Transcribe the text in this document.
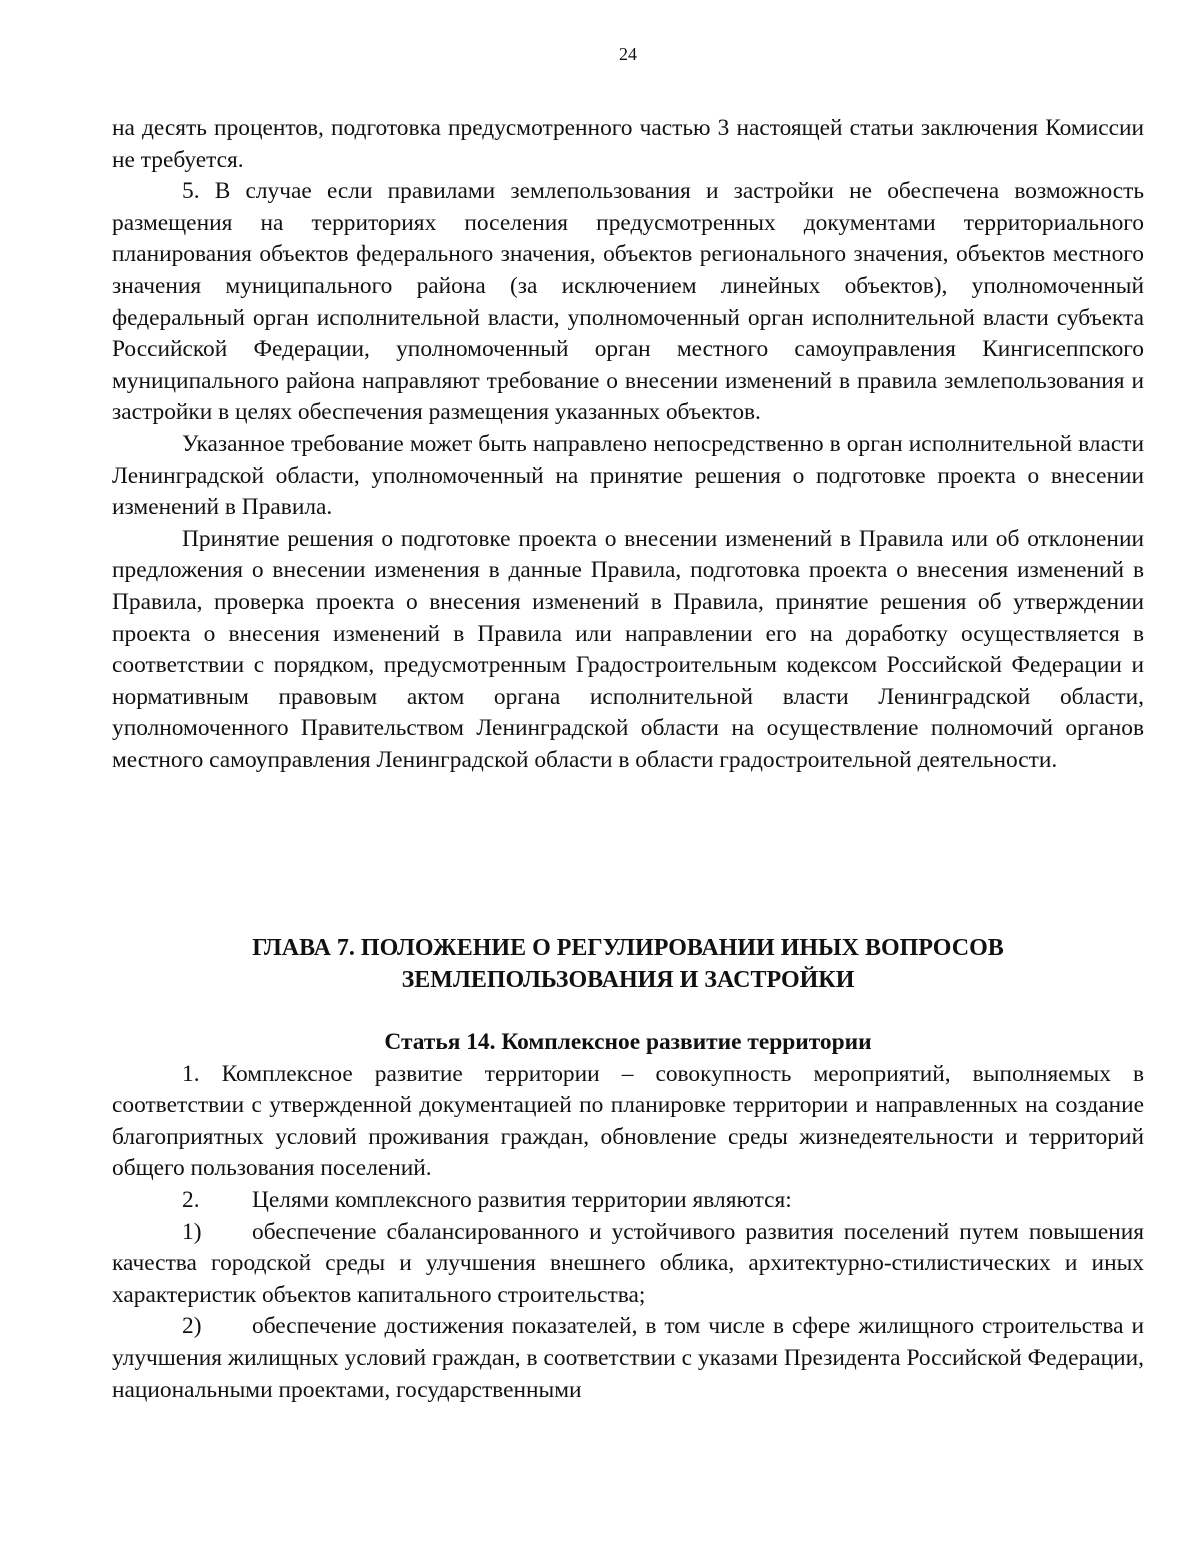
24

на десять процентов, подготовка предусмотренного частью 3 настоящей статьи заключения Комиссии не требуется.

5. В случае если правилами землепользования и застройки не обеспечена возможность размещения на территориях поселения предусмотренных документами территориального планирования объектов федерального значения, объектов регионального значения, объектов местного значения муниципального района (за исключением линейных объектов), уполномоченный федеральный орган исполнительной власти, уполномоченный орган исполнительной власти субъекта Российской Федерации, уполномоченный орган местного самоуправления Кингисеппского муниципального района направляют требование о внесении изменений в правила землепользования и застройки в целях обеспечения размещения указанных объектов.

Указанное требование может быть направлено непосредственно в орган исполнительной власти Ленинградской области, уполномоченный на принятие решения о подготовке проекта о внесении изменений в Правила.

Принятие решения о подготовке проекта о внесении изменений в Правила или об отклонении предложения о внесении изменения в данные Правила, подготовка проекта о внесения изменений в Правила, проверка проекта о внесения изменений в Правила, принятие решения об утверждении проекта о внесения изменений в Правила или направлении его на доработку осуществляется в соответствии с порядком, предусмотренным Градостроительным кодексом Российской Федерации и нормативным правовым актом органа исполнительной власти Ленинградской области, уполномоченного Правительством Ленинградской области на осуществление полномочий органов местного самоуправления Ленинградской области в области градостроительной деятельности.

ГЛАВА 7. ПОЛОЖЕНИЕ О РЕГУЛИРОВАНИИ ИНЫХ ВОПРОСОВ
ЗЕМЛЕПОЛЬЗОВАНИЯ И ЗАСТРОЙКИ

Статья 14. Комплексное развитие территории

1. Комплексное развитие территории – совокупность мероприятий, выполняемых в соответствии с утвержденной документацией по планировке территории и направленных на создание благоприятных условий проживания граждан, обновление среды жизнедеятельности и территорий общего пользования поселений.

2. Целями комплексного развития территории являются:

1) обеспечение сбалансированного и устойчивого развития поселений путем повышения качества городской среды и улучшения внешнего облика, архитектурно-стилистических и иных характеристик объектов капитального строительства;

2) обеспечение достижения показателей, в том числе в сфере жилищного строительства и улучшения жилищных условий граждан, в соответствии с указами Президента Российской Федерации, национальными проектами, государственными
